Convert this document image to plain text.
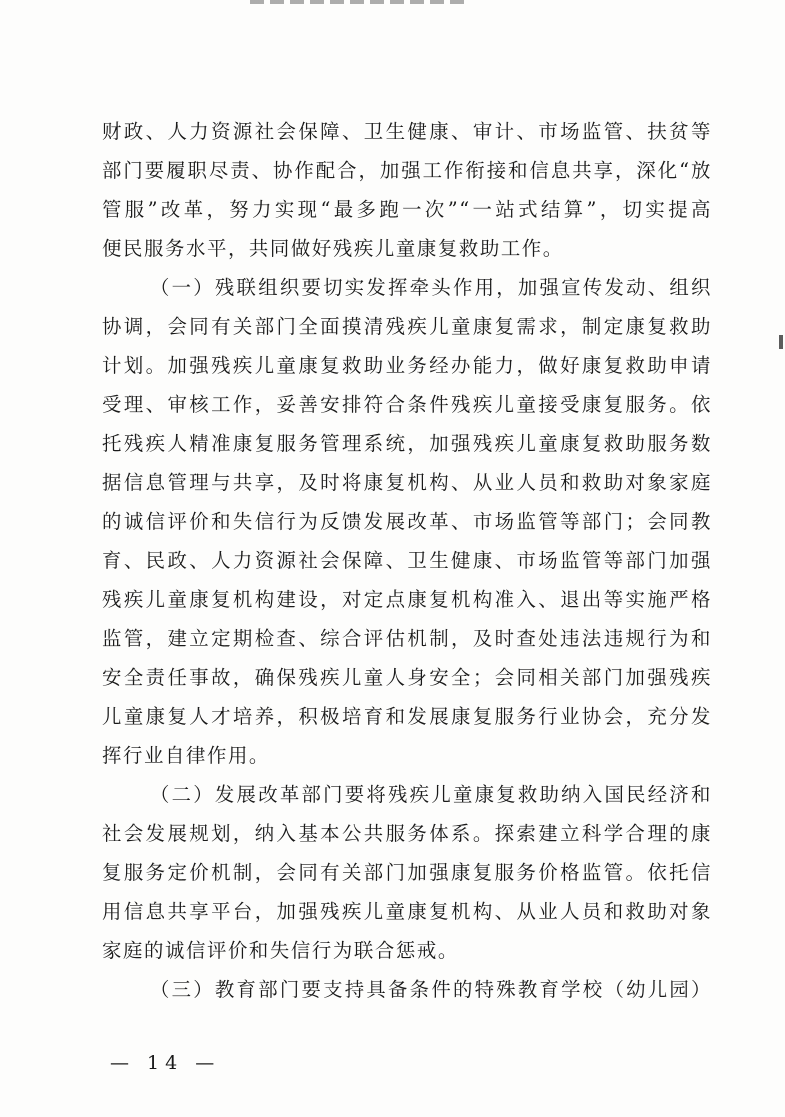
财政、人力资源社会保障、卫生健康、审计、市场监管、扶贫等
部门要履职尽责、协作配合，加强工作衔接和信息共享，深化“放
管服”改革，努力实现“最多跑一次”“一站式结算”，切实提高
便民服务水平，共同做好残疾儿童康复救助工作。
（一）残联组织要切实发挥牵头作用，加强宣传发动、组织
协调，会同有关部门全面摸清残疾儿童康复需求，制定康复救助
计划。加强残疾儿童康复救助业务经办能力，做好康复救助申请
受理、审核工作，妥善安排符合条件残疾儿童接受康复服务。依
托残疾人精准康复服务管理系统，加强残疾儿童康复救助服务数
据信息管理与共享，及时将康复机构、从业人员和救助对象家庭
的诚信评价和失信行为反馈发展改革、市场监管等部门；会同教
育、民政、人力资源社会保障、卫生健康、市场监管等部门加强
残疾儿童康复机构建设，对定点康复机构准入、退出等实施严格
监管，建立定期检查、综合评估机制，及时查处违法违规行为和
安全责任事故，确保残疾儿童人身安全；会同相关部门加强残疾
儿童康复人才培养，积极培育和发展康复服务行业协会，充分发
挥行业自律作用。
（二）发展改革部门要将残疾儿童康复救助纳入国民经济和
社会发展规划，纳入基本公共服务体系。探索建立科学合理的康
复服务定价机制，会同有关部门加强康复服务价格监管。依托信
用信息共享平台，加强残疾儿童康复机构、从业人员和救助对象
家庭的诚信评价和失信行为联合惩戒。
（三）教育部门要支持具备条件的特殊教育学校（幼儿园）
— 14 —
